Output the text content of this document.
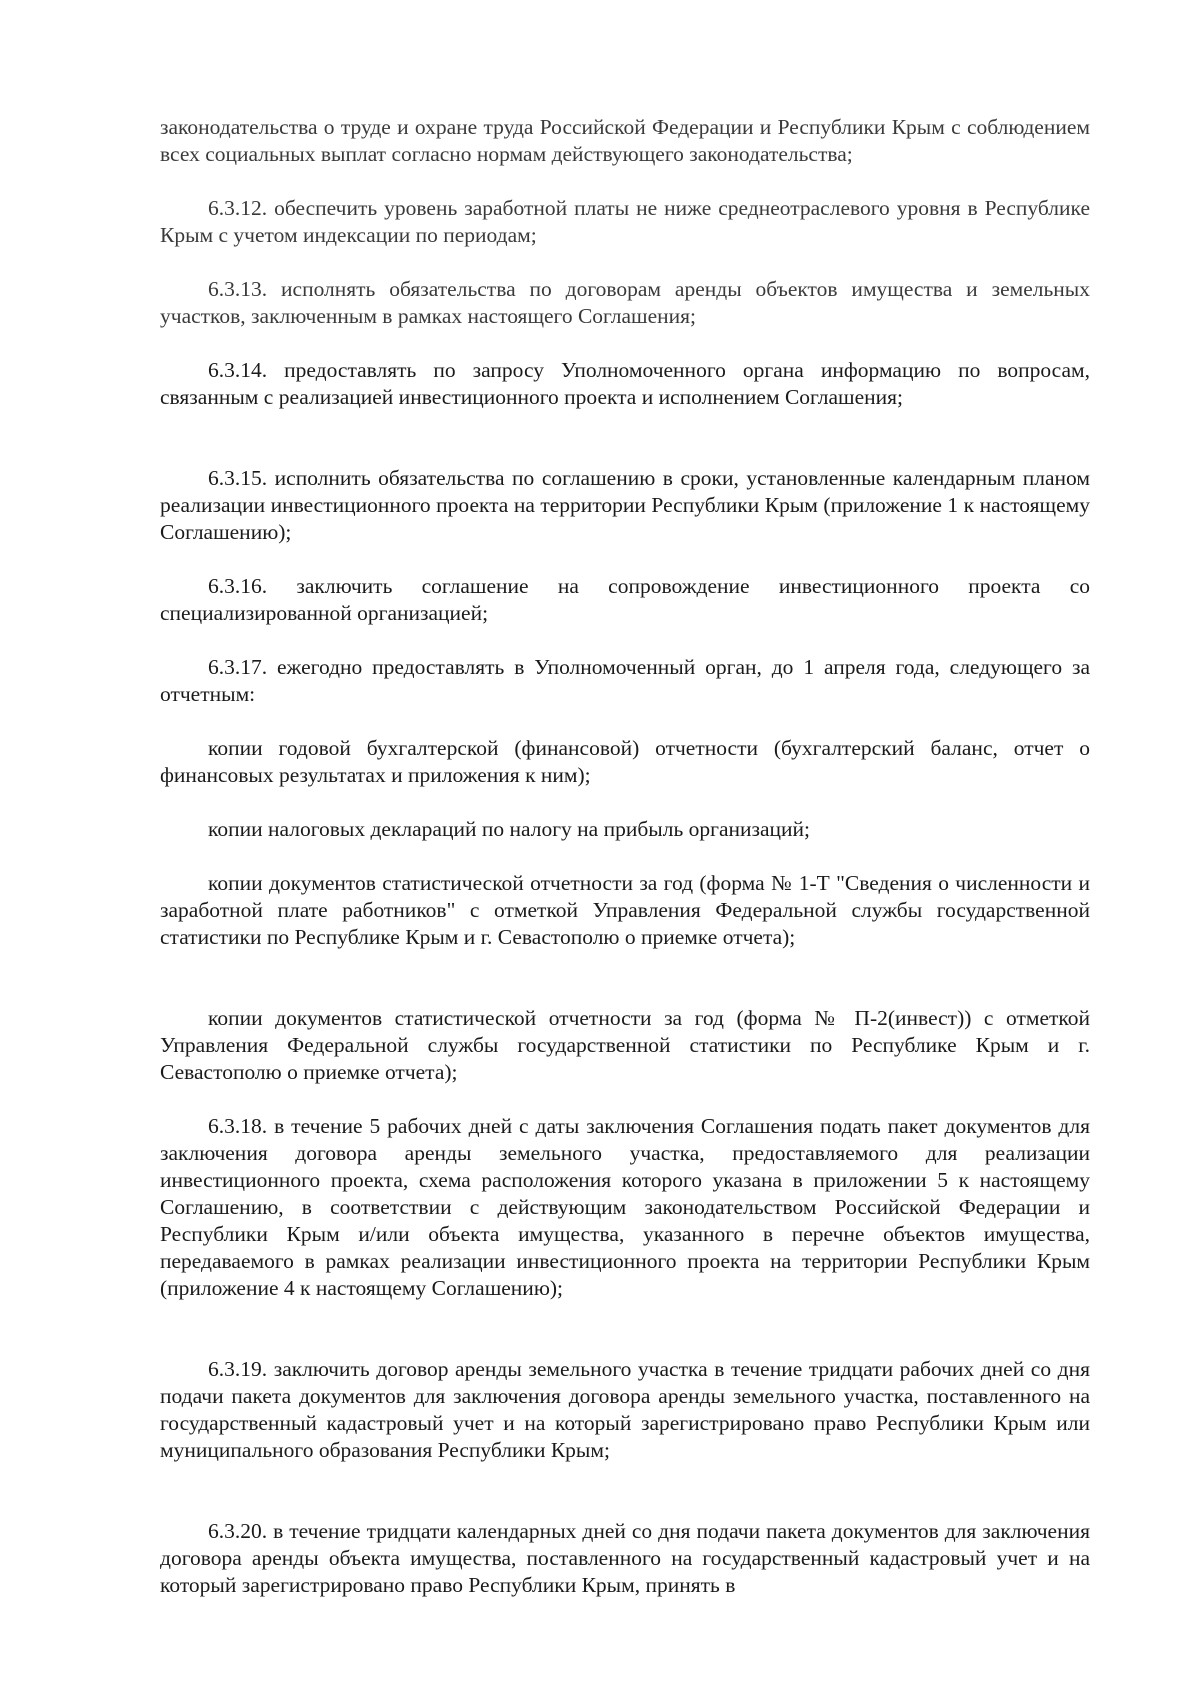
законодательства о труде и охране труда Российской Федерации и Республики Крым с соблюдением всех социальных выплат согласно нормам действующего законодательства;

6.3.12. обеспечить уровень заработной платы не ниже среднеотраслевого уровня в Республике Крым с учетом индексации по периодам;

6.3.13. исполнять обязательства по договорам аренды объектов имущества и земельных участков, заключенным в рамках настоящего Соглашения;

6.3.14. предоставлять по запросу Уполномоченного органа информацию по вопросам, связанным с реализацией инвестиционного проекта и исполнением Соглашения;

6.3.15. исполнить обязательства по соглашению в сроки, установленные календарным планом реализации инвестиционного проекта на территории Республики Крым (приложение 1 к настоящему Соглашению);

6.3.16. заключить соглашение на сопровождение инвестиционного проекта со специализированной организацией;

6.3.17. ежегодно предоставлять в Уполномоченный орган, до 1 апреля года, следующего за отчетным:

копии годовой бухгалтерской (финансовой) отчетности (бухгалтерский баланс, отчет о финансовых результатах и приложения к ним);

копии налоговых деклараций по налогу на прибыль организаций;

копии документов статистической отчетности за год (форма № 1-Т "Сведения о численности и заработной плате работников" с отметкой Управления Федеральной службы государственной статистики по Республике Крым и г. Севастополю о приемке отчета);

копии документов статистической отчетности за год (форма № П-2(инвест)) с отметкой Управления Федеральной службы государственной статистики по Республике Крым и г. Севастополю о приемке отчета);

6.3.18. в течение 5 рабочих дней с даты заключения Соглашения подать пакет документов для заключения договора аренды земельного участка, предоставляемого для реализации инвестиционного проекта, схема расположения которого указана в приложении 5 к настоящему Соглашению, в соответствии с действующим законодательством Российской Федерации и Республики Крым и/или объекта имущества, указанного в перечне объектов имущества, передаваемого в рамках реализации инвестиционного проекта на территории Республики Крым (приложение 4 к настоящему Соглашению);

6.3.19. заключить договор аренды земельного участка в течение тридцати рабочих дней со дня подачи пакета документов для заключения договора аренды земельного участка, поставленного на государственный кадастровый учет и на который зарегистрировано право Республики Крым или муниципального образования Республики Крым;

6.3.20. в течение тридцати календарных дней со дня подачи пакета документов для заключения договора аренды объекта имущества, поставленного на государственный кадастровый учет и на который зарегистрировано право Республики Крым, принять в
